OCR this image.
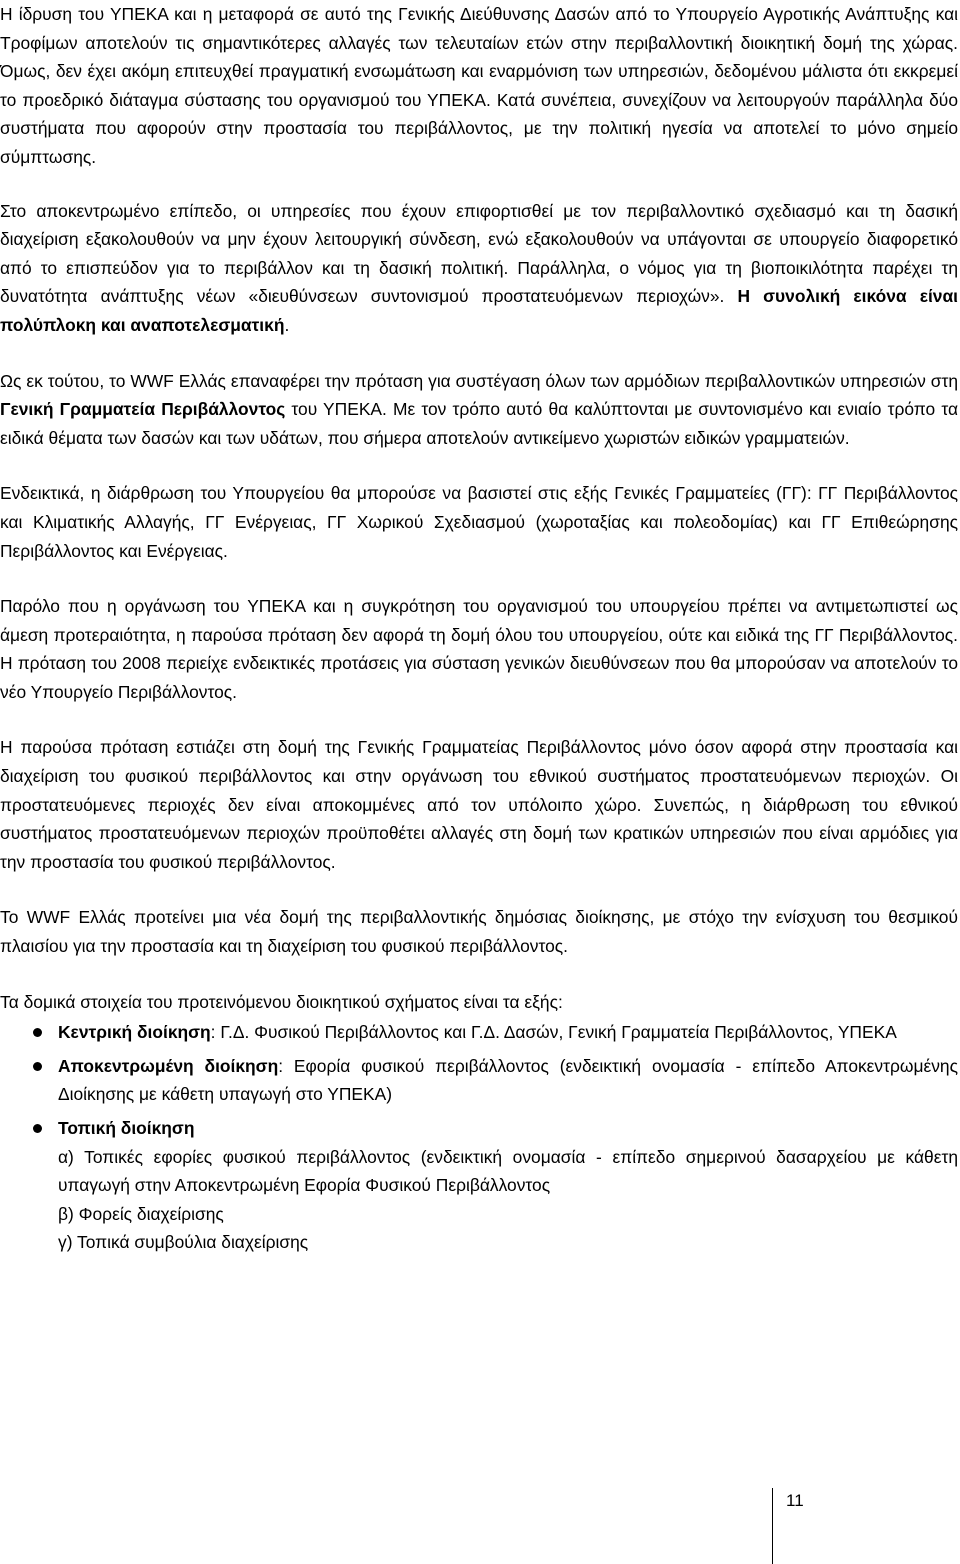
Η ίδρυση του ΥΠΕΚΑ και η μεταφορά σε αυτό της Γενικής Διεύθυνσης Δασών από το Υπουργείο Αγροτικής Ανάπτυξης και Τροφίμων αποτελούν τις σημαντικότερες αλλαγές των τελευταίων ετών στην περιβαλλοντική διοικητική δομή της χώρας. Όμως, δεν έχει ακόμη επιτευχθεί πραγματική ενσωμάτωση και εναρμόνιση των υπηρεσιών, δεδομένου μάλιστα ότι εκκρεμεί το προεδρικό διάταγμα σύστασης του οργανισμού του ΥΠΕΚΑ. Κατά συνέπεια, συνεχίζουν να λειτουργούν παράλληλα δύο συστήματα που αφορούν στην προστασία του περιβάλλοντος, με την πολιτική ηγεσία να αποτελεί το μόνο σημείο σύμπτωσης.

Στο αποκεντρωμένο επίπεδο, οι υπηρεσίες που έχουν επιφορτισθεί με τον περιβαλλοντικό σχεδιασμό και τη δασική διαχείριση εξακολουθούν να μην έχουν λειτουργική σύνδεση, ενώ εξακολουθούν να υπάγονται σε υπουργείο διαφορετικό από το επισπεύδον για το περιβάλλον και τη δασική πολιτική. Παράλληλα, ο νόμος για τη βιοποικιλότητα παρέχει τη δυνατότητα ανάπτυξης νέων «διευθύνσεων συντονισμού προστατευόμενων περιοχών». Η συνολική εικόνα είναι πολύπλοκη και αναποτελεσματική.

Ως εκ τούτου, το WWF Ελλάς επαναφέρει την πρόταση για συστέγαση όλων των αρμόδιων περιβαλλοντικών υπηρεσιών στη Γενική Γραμματεία Περιβάλλοντος του ΥΠΕΚΑ. Με τον τρόπο αυτό θα καλύπτονται με συντονισμένο και ενιαίο τρόπο τα ειδικά θέματα των δασών και των υδάτων, που σήμερα αποτελούν αντικείμενο χωριστών ειδικών γραμματειών.

Ενδεικτικά, η διάρθρωση του Υπουργείου θα μπορούσε να βασιστεί στις εξής Γενικές Γραμματείες (ΓΓ): ΓΓ Περιβάλλοντος και Κλιματικής Αλλαγής, ΓΓ Ενέργειας, ΓΓ Χωρικού Σχεδιασμού (χωροταξίας και πολεοδομίας) και ΓΓ Επιθεώρησης Περιβάλλοντος και Ενέργειας.

Παρόλο που η οργάνωση του ΥΠΕΚΑ και η συγκρότηση του οργανισμού του υπουργείου πρέπει να αντιμετωπιστεί ως άμεση προτεραιότητα, η παρούσα πρόταση δεν αφορά τη δομή όλου του υπουργείου, ούτε και ειδικά της ΓΓ Περιβάλλοντος. Η πρόταση του 2008 περιείχε ενδεικτικές προτάσεις για σύσταση γενικών διευθύνσεων που θα μπορούσαν να αποτελούν το νέο Υπουργείο Περιβάλλοντος.

Η παρούσα πρόταση εστιάζει στη δομή της Γενικής Γραμματείας Περιβάλλοντος μόνο όσον αφορά στην προστασία και διαχείριση του φυσικού περιβάλλοντος και στην οργάνωση του εθνικού συστήματος προστατευόμενων περιοχών. Οι προστατευόμενες περιοχές δεν είναι αποκομμένες από τον υπόλοιπο χώρο. Συνεπώς, η διάρθρωση του εθνικού συστήματος προστατευόμενων περιοχών προϋποθέτει αλλαγές στη δομή των κρατικών υπηρεσιών που είναι αρμόδιες για την προστασία του φυσικού περιβάλλοντος.

Το WWF Ελλάς προτείνει μια νέα δομή της περιβαλλοντικής δημόσιας διοίκησης, με στόχο την ενίσχυση του θεσμικού πλαισίου για την προστασία και τη διαχείριση του φυσικού περιβάλλοντος.

Τα δομικά στοιχεία του προτεινόμενου διοικητικού σχήματος είναι τα εξής:

Κεντρική διοίκηση: Γ.Δ. Φυσικού Περιβάλλοντος και Γ.Δ. Δασών, Γενική Γραμματεία Περιβάλλοντος, ΥΠΕΚΑ
Αποκεντρωμένη διοίκηση: Εφορία φυσικού περιβάλλοντος (ενδεικτική ονομασία - επίπεδο Αποκεντρωμένης Διοίκησης με κάθετη υπαγωγή στο ΥΠΕΚΑ)
Τοπική διοίκηση
α) Τοπικές εφορίες φυσικού περιβάλλοντος (ενδεικτική ονομασία - επίπεδο σημερινού δασαρχείου με κάθετη υπαγωγή στην Αποκεντρωμένη Εφορία Φυσικού Περιβάλλοντος
β) Φορείς διαχείρισης
γ) Τοπικά συμβούλια διαχείρισης
11
